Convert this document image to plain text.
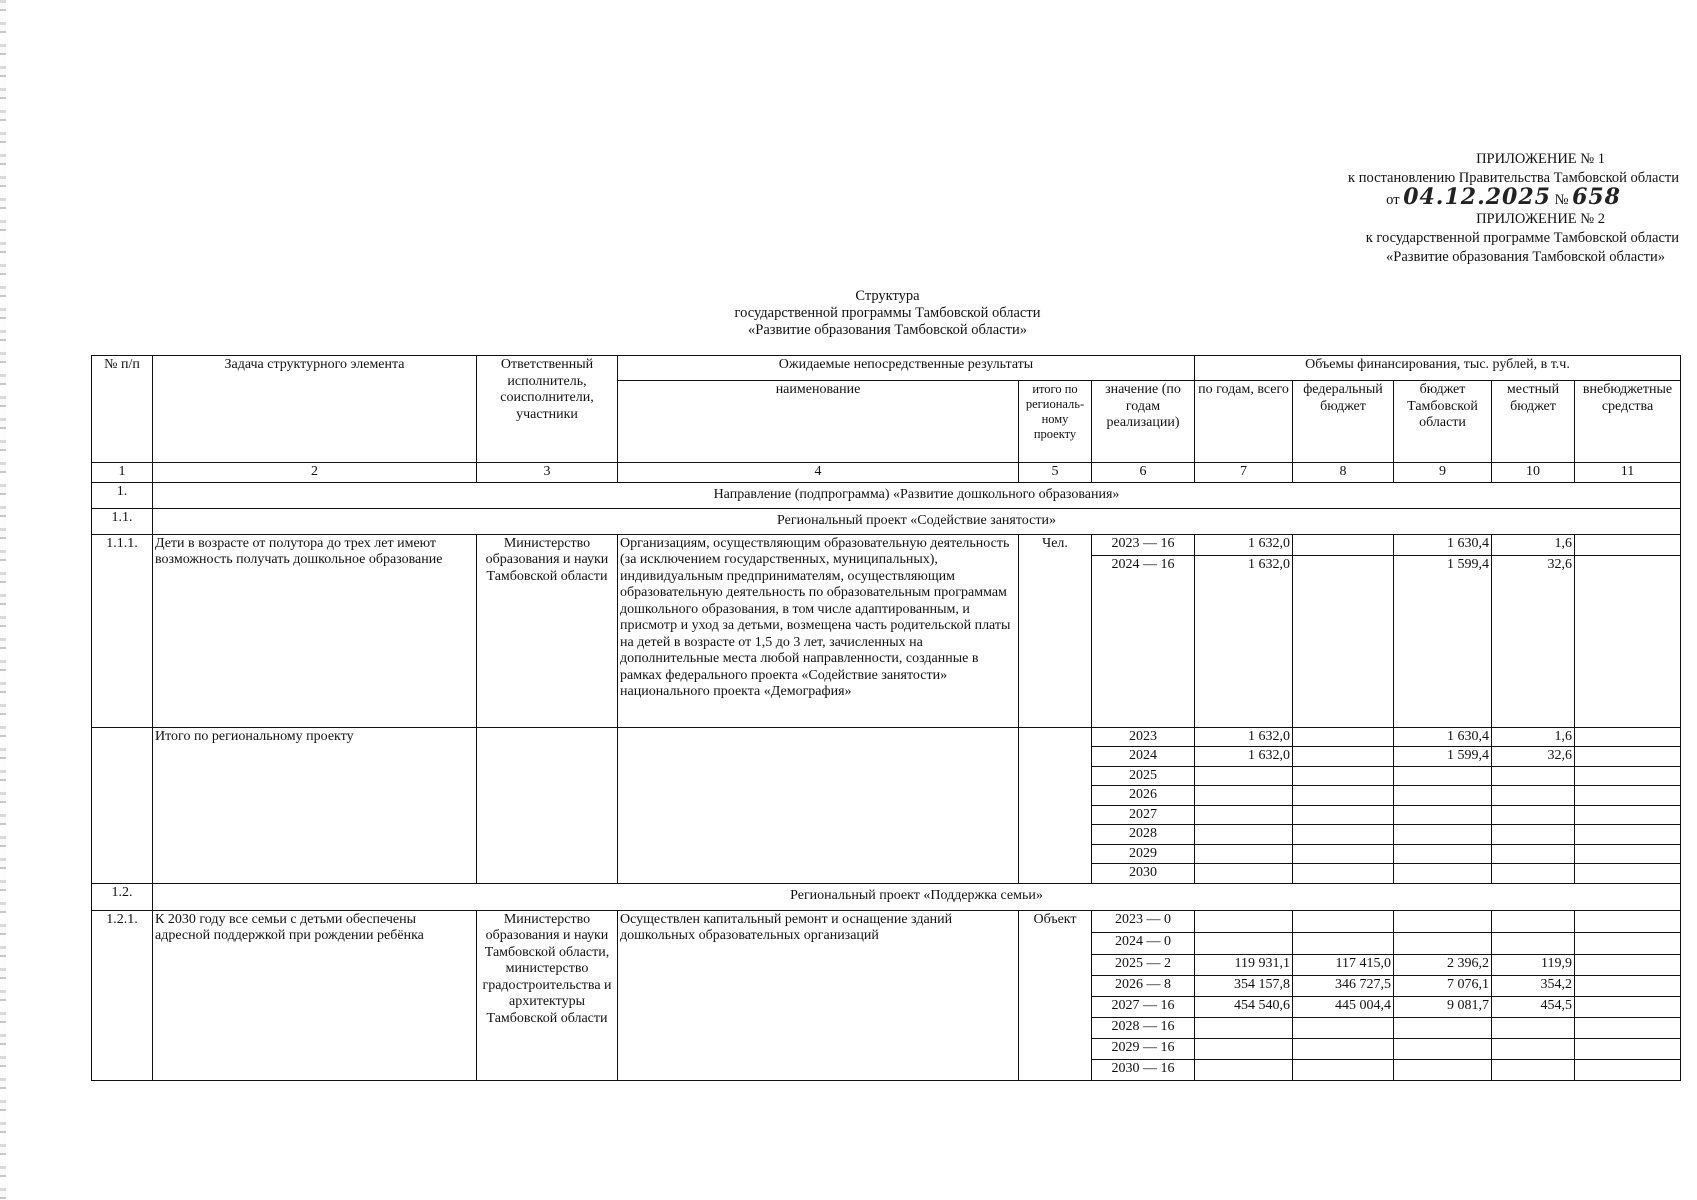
ПРИЛОЖЕНИЕ № 1
к постановлению Правительства Тамбовской области
от 04.12.2025 № 658
ПРИЛОЖЕНИЕ № 2
к государственной программе Тамбовской области
«Развитие образования Тамбовской области»
Структура
государственной программы Тамбовской области
«Развитие образования Тамбовской области»
№ п/п	Задача структурного элемента	Ответственный исполнитель, соисполнители, участники	Ожидаемые непосредственные результаты			Объемы финансирования, тыс. рублей, в т.ч.				
			наименование	итого по региональ-ному проекту	значение (по годам реализации)	по годам, всего	федеральный бюджет	бюджет Тамбовской области	местный бюджет	внебюджетные средства
1	2	3	4	5	6	7	8	9	10	11
1.	Направление (подпрограмма) «Развитие дошкольного образования»									
1.1.	Региональный проект «Содействие занятости»									
1.1.1.	Дети в возрасте от полутора до трех лет имеют возможность получать дошкольное образование	Министерство образования и науки Тамбовской области	Организациям, осуществляющим образовательную деятельность (за исключением государственных, муниципальных), индивидуальным предпринимателям, осуществляющим образовательную деятельность по образовательным программам дошкольного образования, в том числе адаптированным, и присмотр и уход за детьми, возмещена часть родительской платы на детей в возрасте от 1,5 до 3 лет, зачисленных на дополнительные места любой направленности, созданные в рамках федерального проекта «Содействие занятости» национального проекта «Демография»	Чел.	2023 — 16	1 632,0		1 630,4	1,6	
					2024 — 16	1 632,0		1 599,4	32,6	
	Итого по региональному проекту				2023	1 632,0		1 630,4	1,6	
					2024	1 632,0		1 599,4	32,6	
					2025					
					2026					
					2027					
					2028					
					2029					
					2030					
1.2.	Региональный проект «Поддержка семьи»									
1.2.1.	К 2030 году все семьи с детьми обеспечены адресной поддержкой при рождении ребёнка	Министерство образования и науки Тамбовской области, министерство градостроительства и архитектуры Тамбовской области	Осуществлен капитальный ремонт и оснащение зданий дошкольных образовательных организаций	Объект	2023 — 0					
					2024 — 0					
					2025 — 2	119 931,1	117 415,0	2 396,2	119,9	
					2026 — 8	354 157,8	346 727,5	7 076,1	354,2	
					2027 — 16	454 540,6	445 004,4	9 081,7	454,5	
					2028 — 16					
					2029 — 16					
					2030 — 16					
